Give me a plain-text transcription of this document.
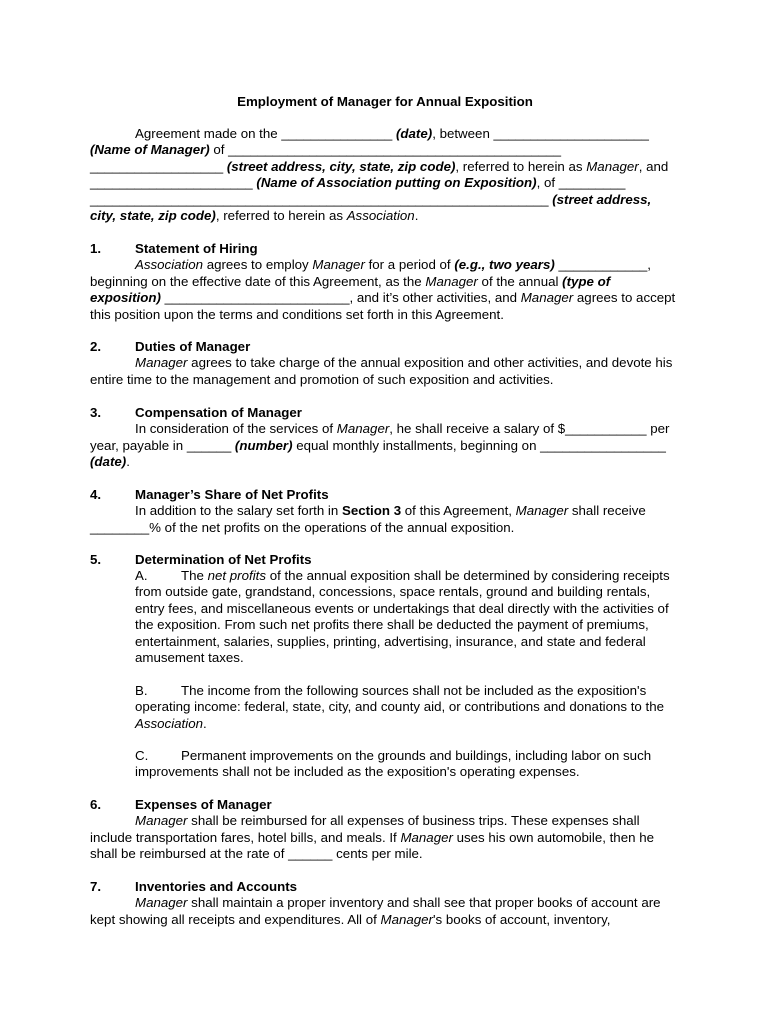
Employment of Manager for Annual Exposition
Agreement made on the _______________ (date), between _____________________ (Name of Manager) of _____________________________________________ __________________ (street address, city, state, zip code), referred to herein as Manager, and ______________________ (Name of Association putting on Exposition), of _________ ______________________________________________________________ (street address, city, state, zip code), referred to herein as Association.
1.	Statement of Hiring
Association agrees to employ Manager for a period of (e.g., two years) ____________, beginning on the effective date of this Agreement, as the Manager of the annual (type of exposition) _________________________, and it’s other activities, and Manager agrees to accept this position upon the terms and conditions set forth in this Agreement.
2.	Duties of Manager
Manager agrees to take charge of the annual exposition and other activities, and devote his entire time to the management and promotion of such exposition and activities.
3.	Compensation of Manager
In consideration of the services of Manager, he shall receive a salary of $___________ per year, payable in ______ (number) equal monthly installments, beginning on _________________ (date).
4.	Manager’s Share of Net Profits
In addition to the salary set forth in Section 3 of this Agreement, Manager shall receive ________% of the net profits on the operations of the annual exposition.
5.	Determination of Net Profits
A.	The net profits of the annual exposition shall be determined by considering receipts from outside gate, grandstand, concessions, space rentals, ground and building rentals, entry fees, and miscellaneous events or undertakings that deal directly with the activities of the exposition. From such net profits there shall be deducted the payment of premiums, entertainment, salaries, supplies, printing, advertising, insurance, and state and federal amusement taxes.
B.	The income from the following sources shall not be included as the exposition's operating income: federal, state, city, and county aid, or contributions and donations to the Association.
C. Permanent improvements on the grounds and buildings, including labor on such improvements shall not be included as the exposition's operating expenses.
6.	Expenses of Manager
Manager shall be reimbursed for all expenses of business trips. These expenses shall include transportation fares, hotel bills, and meals. If Manager uses his own automobile, then he shall be reimbursed at the rate of ______ cents per mile.
7.	Inventories and Accounts
Manager shall maintain a proper inventory and shall see that proper books of account are kept showing all receipts and expenditures. All of Manager's books of account, inventory,
